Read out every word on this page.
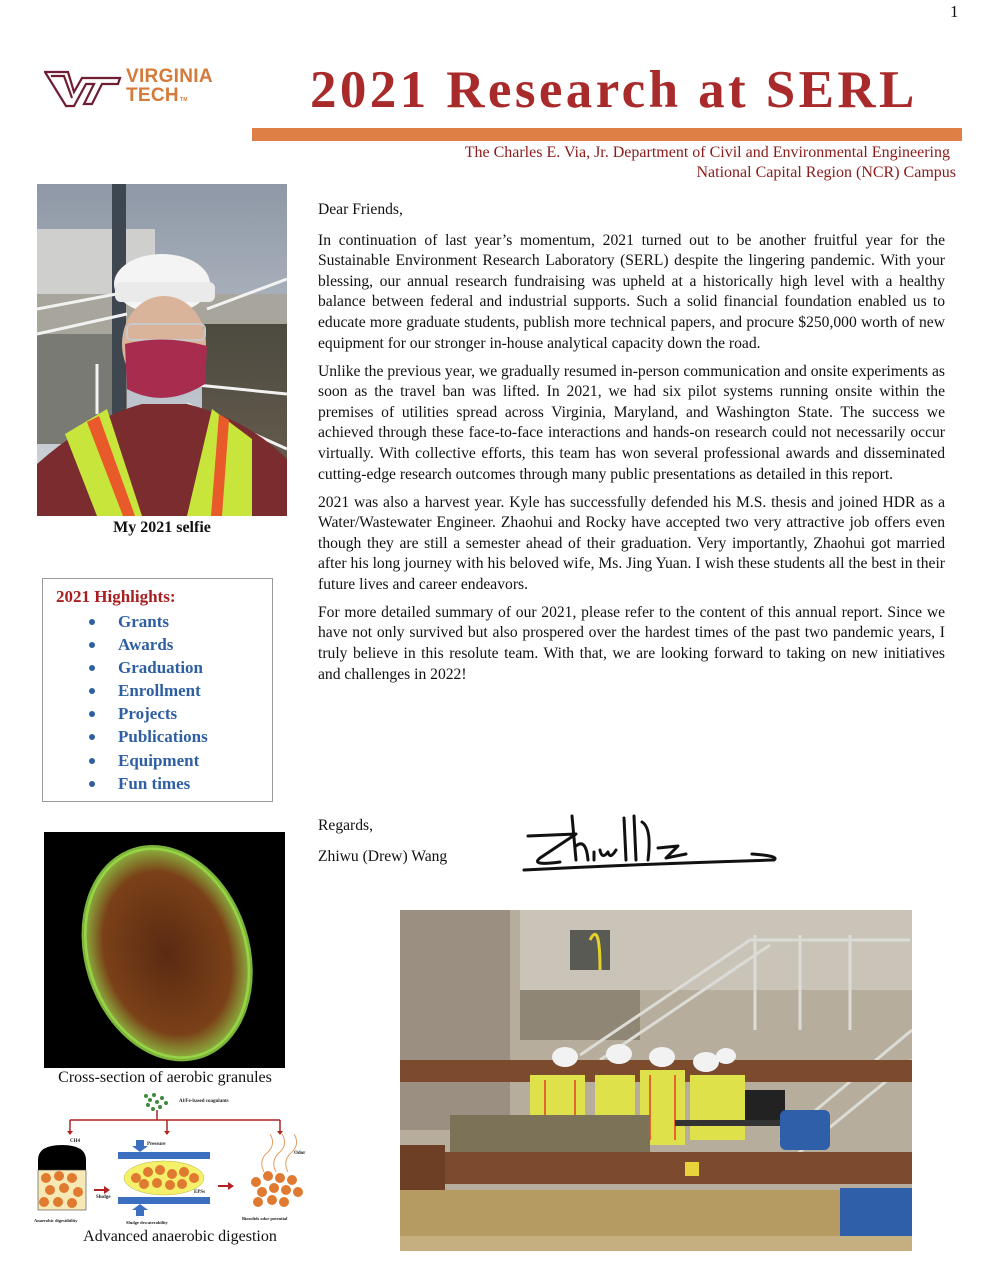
1
VIRGINIA
TECHTM	2021 Research at SERL
The Charles E. Via, Jr. Department of Civil and Environmental Engineering
National Capital Region (NCR) Campus
My 2021 selfie
2021 Highlights:
Grants
Awards
Graduation
Enrollment
Projects
Publications
Equipment
Fun times
Cross-section of aerobic granules
Al/Fe-based coagulants
CH4
Anaerobic digestibility
Pressure
Sludge
EPSs
Sludge dewaterability
Odor
Biosolids odor potential
Advanced anaerobic digestion

Dear Friends,

In continuation of last year’s momentum, 2021 turned out to be another fruitful year for the Sustainable Environment Research Laboratory (SERL) despite the lingering pandemic. With your blessing, our annual research fundraising was upheld at a historically high level with a healthy balance between federal and industrial supports. Such a solid financial foundation enabled us to educate more graduate students, publish more technical papers, and procure $250,000 worth of new equipment for our stronger in-house analytical capacity down the road.

Unlike the previous year, we gradually resumed in-person communication and onsite experiments as soon as the travel ban was lifted. In 2021, we had six pilot systems running onsite within the premises of utilities spread across Virginia, Maryland, and Washington State. The success we achieved through these face-to-face interactions and hands-on research could not necessarily occur virtually. With collective efforts, this team has won several professional awards and disseminated cutting-edge research outcomes through many public presentations as detailed in this report.

2021 was also a harvest year. Kyle has successfully defended his M.S. thesis and joined HDR as a Water/Wastewater Engineer. Zhaohui and Rocky have accepted two very attractive job offers even though they are still a semester ahead of their graduation. Very importantly, Zhaohui got married after his long journey with his beloved wife, Ms. Jing Yuan. I wish these students all the best in their future lives and career endeavors.

For more detailed summary of our 2021, please refer to the content of this annual report. Since we have not only survived but also prospered over the hardest times of the past two pandemic years, I truly believe in this resolute team. With that, we are looking forward to taking on new initiatives and challenges in 2022!

Regards,
Zhiwu (Drew) Wang
